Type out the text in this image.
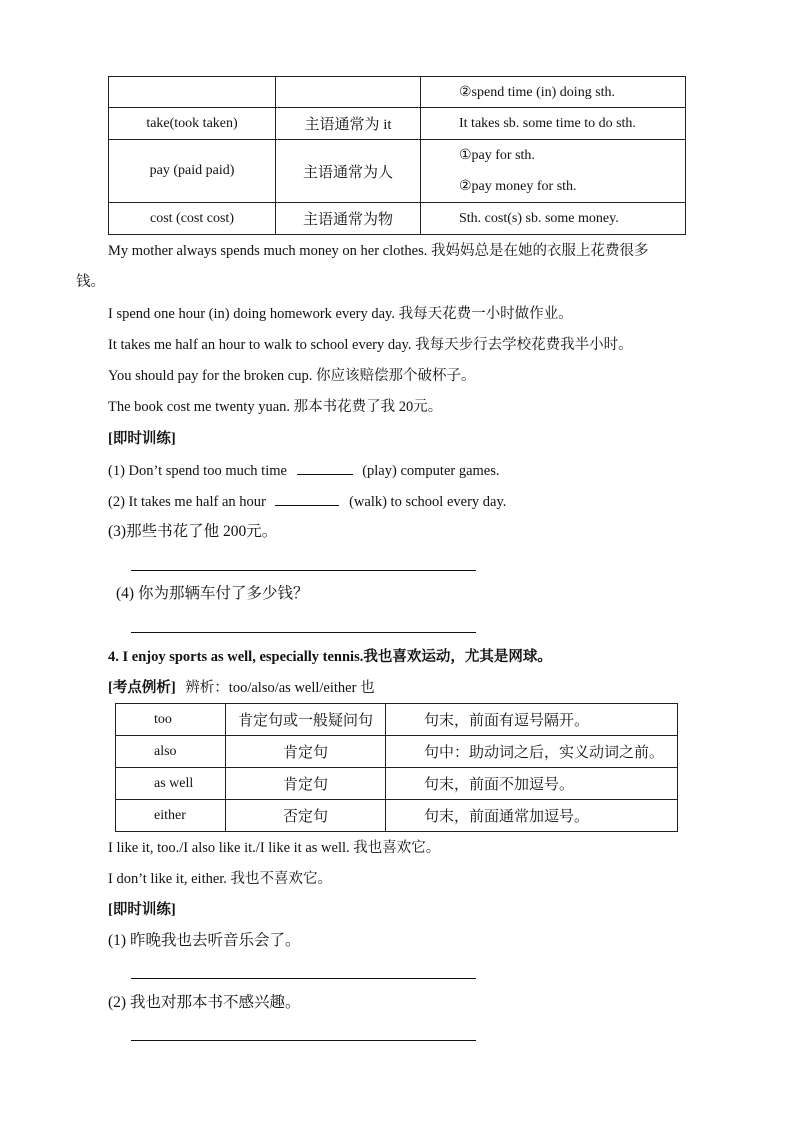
		②spend time (in) doing sth.
take(took taken)	主语通常为 it	It takes sb. some time to do sth.
pay (paid paid)	主语通常为人	①pay for sth.
②pay money for sth.

cost (cost cost)	主语通常为物	Sth. cost(s) sb. some money.
My mother always spends much money on her clothes. 我妈妈总是在她的衣服上花费很多
钱。
I spend one hour (in) doing homework every day. 我每天花费一小时做作业。
It takes me half an hour to walk to school every day. 我每天步行去学校花费我半小时。
You should pay for the broken cup. 你应该赔偿那个破杯子。
The book cost me twenty yuan. 那本书花费了我 20元。
[即时训练]
(1) Don’t spend too much time	(play) computer games.
(2) It takes me half an hour	(walk) to school every day.
(3)那些书花了他 200元。
(4) 你为那辆车付了多少钱？
4. I enjoy sports as well, especially tennis.我也喜欢运动，尤其是网球。
[考点例析] 辨析：too/also/as well/either 也
too	肯定句或一般疑问句	句末，前面有逗号隔开。
also	肯定句	句中：助动词之后，实义动词之前。
as well	肯定句	句末，前面不加逗号。
either	否定句	句末，前面通常加逗号。
I like it, too./I also like it./I like it as well. 我也喜欢它。
I don’t like it, either. 我也不喜欢它。
[即时训练]
(1) 昨晚我也去听音乐会了。
(2) 我也对那本书不感兴趣。
